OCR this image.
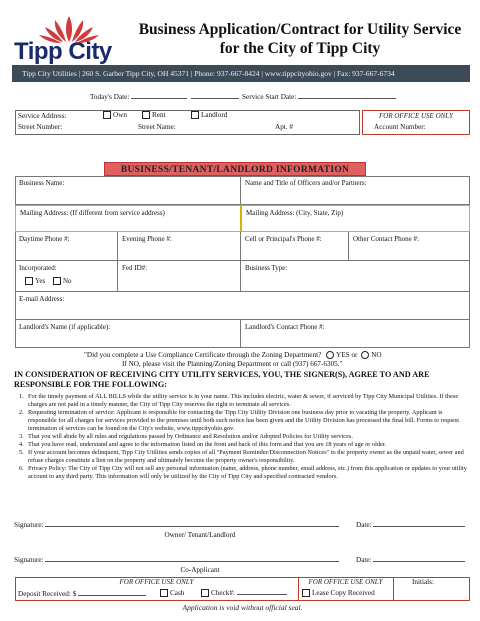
Tipp City
Business Application/Contract for Utility Service
for the City of Tipp City
Tipp City Utilities | 260 S. Garber Tipp City, OH 45371 | Phone: 937-667-8424 | www.tippcityohio.gov | Fax: 937-667-6734
Today's Date:	Service Start Date:
Service Address:	Own	Rent	Landlord
Street Number:	Street Name:	Apt. #
FOR OFFICE USE ONLY
Account Number:
BUSINESS/TENANT/LANDLORD INFORMATION
Business Name:	Name and Title of Officers and/or Partners:
Mailing Address: (If different from service address)	Mailing Address: (City, State, Zip)
Daytime Phone #:	Evening Phone #:	Cell or Principal's Phone #:	Other Contact Phone #:
Incorporated:
Yes	No
Fed ID#:	Business Type:
E-mail Address:
Landlord's Name (if applicable):	Landlord's Contact Phone #:
"Did you complete a Use Compliance Certificate through the Zoning Department? YES or NO
If NO, please visit the Planning/Zoning Department or call (937) 667-6305."
IN CONSIDERATION OF RECEIVING CITY UTILITY SERVICES, YOU, THE SIGNER(S), AGREE TO AND ARE RESPONSIBLE FOR THE FOLLOWING:
1. For the timely payment of ALL BILLS while the utility service is in your name. This includes electric, water & sewer, if serviced by Tipp City Municipal Utilities. If these charges are not paid in a timely manner, the City of Tipp City reserves the right to terminate all services.
2. Requesting termination of service: Applicant is responsible for contacting the Tipp City Utility Division one business day prior to vacating the property. Applicant is responsible for all charges for services provided to the premises until both such notice has been given and the Utility Division has processed the final bill. Forms to request termination of services can be found on the City's website, www.tippcityohio.gov.
3. That you will abide by all rules and regulations passed by Ordinance and Resolution and/or Adopted Policies for Utility services.
4. That you have read, understand and agree to the information listed on the front and back of this form and that you are 18 years of age or older.
5. If your account becomes delinquent, Tipp City Utilities sends copies of all "Payment Reminder/Disconnection Notices" to the property owner as the unpaid water, sewer and refuse charges constitute a lien on the property and ultimately become the property owner's responsibility.
6. Privacy Policy: The City of Tipp City will not sell any personal information (name, address, phone number, email address, etc.) from this application or updates to your utility account to any third party. This information will only be utilized by the City of Tipp City and specified contracted vendors.
Signature:	Date:
Owner/ Tenant/Landlord
Signature:	Date:
Co-Applicant
FOR OFFICE USE ONLY	FOR OFFICE USE ONLY	Initials:
Deposit Received: $	Cash	Check#:	Lease Copy Received
Application is void without official seal.
